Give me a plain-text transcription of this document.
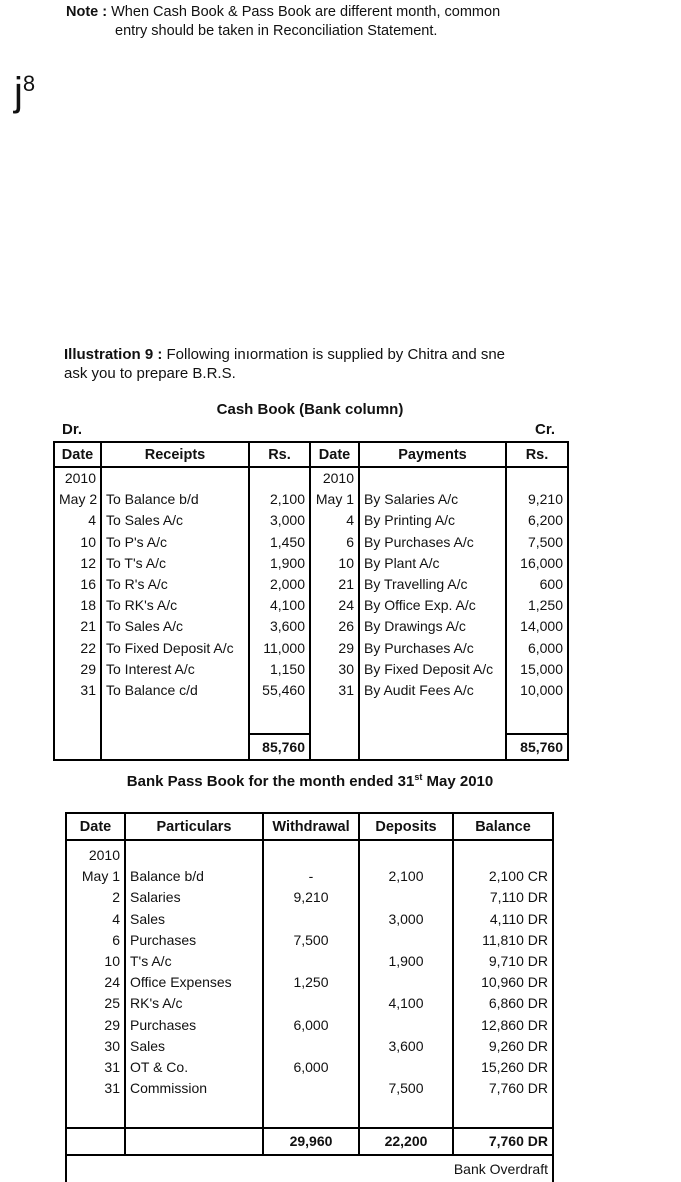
Note : When Cash Book & Pass Book are different month, common
entry should be taken in Reconciliation Statement.
$j^8$
Illustration 9 : Following inıormation is supplied by Chitra and sne
ask you to prepare B.R.S.
Cash Book (Bank column)
Dr.	Cr.
Date	Receipts	Rs.	Date	Payments	Rs.
2010			2010		
May 2	To Balance b/d	2,100	May 1	By Salaries A/c	9,210
4	To Sales A/c	3,000	4	By Printing A/c	6,200
10	To P's A/c	1,450	6	By Purchases A/c	7,500
12	To T's A/c	1,900	10	By Plant A/c	16,000
16	To R's A/c	2,000	21	By Travelling A/c	600
18	To RK's A/c	4,100	24	By Office Exp. A/c	1,250
21	To Sales A/c	3,600	26	By Drawings A/c	14,000
22	To Fixed Deposit A/c	11,000	29	By Purchases A/c	6,000
29	To Interest A/c	1,150	30	By Fixed Deposit A/c	15,000
31	To Balance c/d	55,460	31	By Audit Fees A/c	10,000

		85,760			85,760
Bank Pass Book for the month ended 31st May 2010
Date	Particulars	Withdrawal	Deposits	Balance
2010				
May 1	Balance b/d	-	2,100	2,100 CR
2	Salaries	9,210		7,110 DR
4	Sales		3,000	4,110 DR
6	Purchases	7,500		11,810 DR
10	T's A/c		1,900	9,710 DR
24	Office Expenses	1,250		10,960 DR
25	RK's A/c		4,100	6,860 DR
29	Purchases	6,000		12,860 DR
30	Sales		3,600	9,260 DR
31	OT & Co.	6,000		15,260 DR
31	Commission		7,500	7,760 DR

		29,960	22,200	7,760 DR
Bank Overdraft				
